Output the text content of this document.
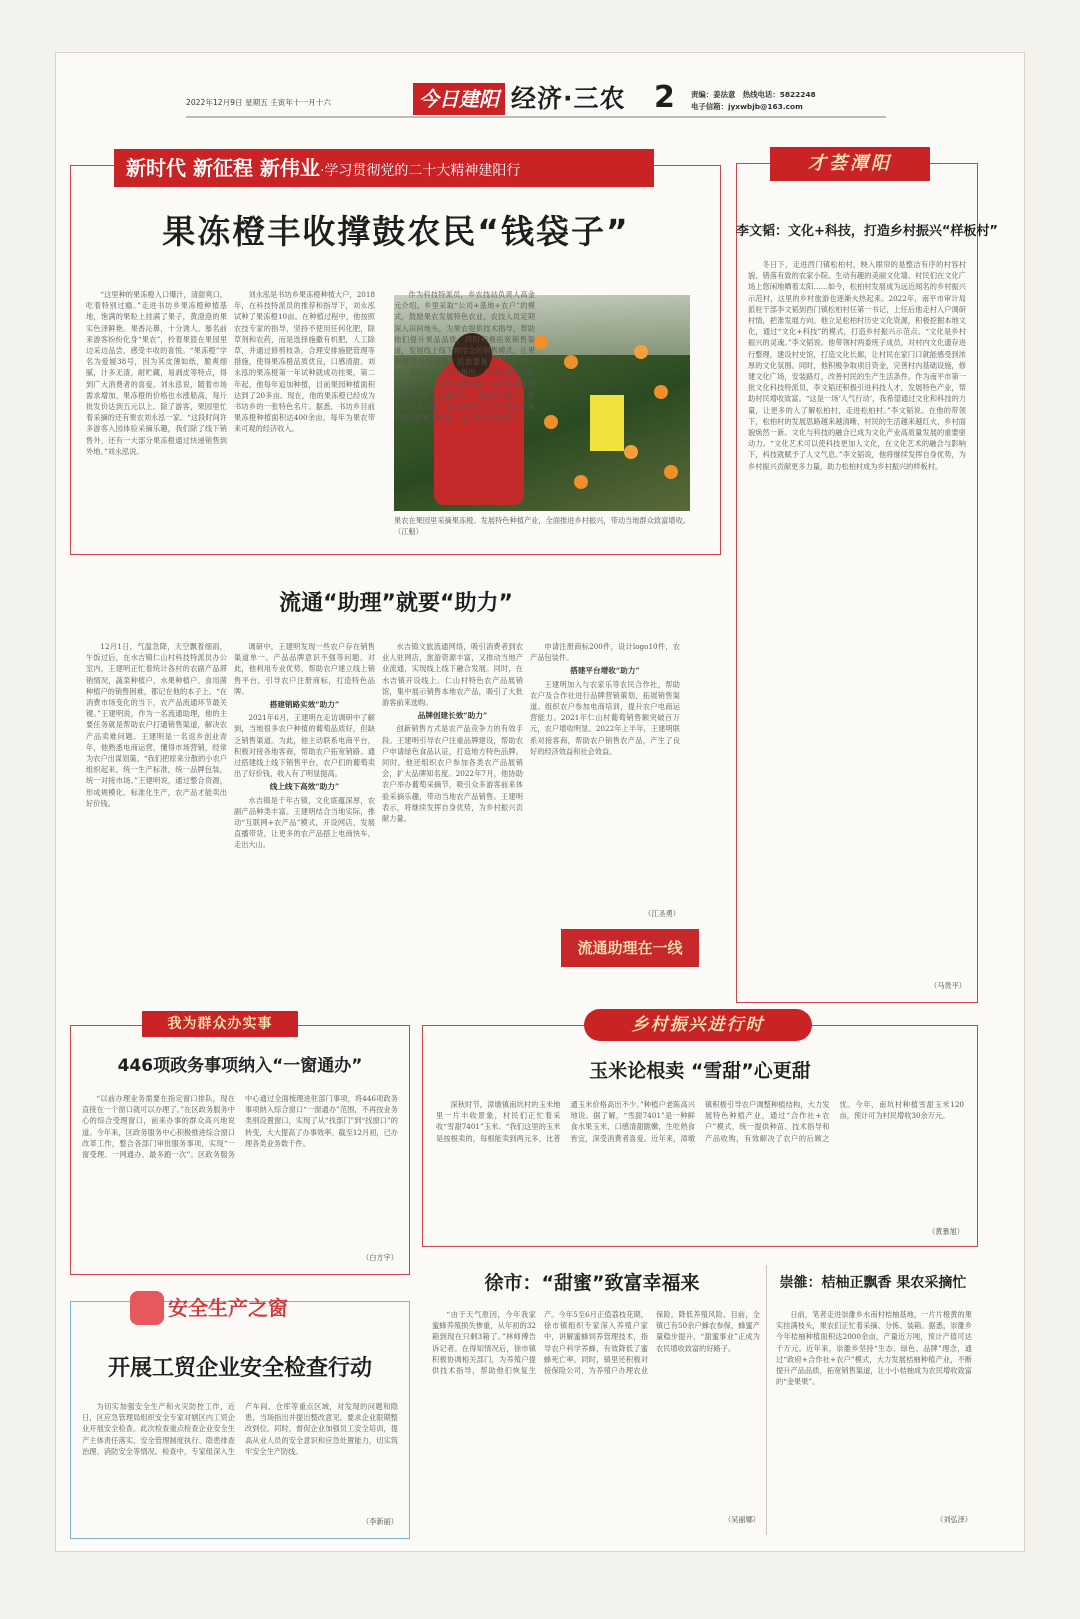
2022年12月9日 星期五 壬寅年十一月十六	今日建阳 经济·三农 2 责编：姜法意　热线电话：5822248
电子信箱：jyxwbjb@163.com
新时代 新征程 新伟业·学习贯彻党的二十大精神建阳行
果冻橙丰收撑鼓农民“钱袋子”

“这里种的果冻橙入口爆汁，清甜爽口，吃着特别过瘾。”走进书坊乡果冻橙种植基地，饱满的果粒上挂满了果子，黄澄澄的果实色泽鲜艳。果香沁鼻，十分诱人。慕名前来游客纷纷化身“果农”，拎着果篮在果园里边采边品尝，感受丰收的喜悦。“果冻橙”学名为爱媛38号，因为其皮薄如纸，脆爽细腻，汁多无渣，耐贮藏，易剥皮等特点，得到广大消费者的喜爱。刘永泓说，随着市场需求增加，果冻橙的价格也水涨船高，每斤批发价达到五元以上。除了游客，果园里忙着采摘的还有果农刘永泓一家。“这段时间许多游客入园体验采摘乐趣，我们除了线下销售外，还有一大部分果冻橙通过快递销售到外地。”刘永泓说。

刘永泓是书坊乡果冻橙种植大户，2018年，在科技特派员的推荐和指导下，刘永泓试种了果冻橙10亩。在种植过程中，他按照农技专家的指导，坚持不使用任何化肥，除草剂和农药，而是选择施撒有机肥，人工除草，并通过修剪枝条，合理安排施肥管理等措施，使得果冻橙品质优良，口感清甜。刘永泓的果冻橙第一年试种就成功挂果，第二年起，他每年追加种植，目前果园种植面积达到了20多亩。现在，他的果冻橙已经成为书坊乡的一张特色名片。据悉，书坊乡目前果冻橙种植面积达400余亩，每年为果农带来可观的经济收入。

果农在果园里采摘果冻橙。发展特色种植产业，全面推进乡村振兴，带动当地群众致富增收。（江魁）

作为科技特派员，乡农技站负责人高金元介绍，乡里采取“公司+基地+农户”的模式，鼓励果农发展特色农业，农技人员定期深入田间地头，为果农提供技术指导，帮助他们提升果品品质，同时积极拓宽销售渠道，发展线上线下相结合的销售模式，让果冻橙卖出好价钱。民族要复兴，乡村必振兴。党的二十大报告指出，全面推进乡村振兴，坚持农业农村优先发展。书坊乡将持续发展壮大特色农业产业，推动乡村振兴，做大做强果冻橙产业，把特色产业打造成为富民增收的重要产业，助力乡村产业振兴。

流通“助理”就要“助力”

12月1日，气温急降，天空飘着细雨，午饭过后，在水吉镇仁山村科技特派员办公室内，王建明正忙着统计各村的农副产品滞销情况，蔬菜种植户、水果种植户、食用菌种植户的销售困难，都记在他的本子上。“在消费市场变化的当下，农产品流通环节最关键。”王建明说，作为一名流通助理，他的主要任务就是帮助农户打通销售渠道，解决农产品卖难问题。王建明是一名返乡创业青年，他熟悉电商运营，懂得市场营销，经常为农户出谋划策。“我们把原来分散的小农户组织起来，统一生产标准，统一品牌包装，统一对接市场。”王建明说，通过整合资源，形成规模化、标准化生产，农产品才能卖出好价钱。

调研中，王建明发现一些农户存在销售渠道单一、产品品牌意识不强等问题。对此，他利用专业优势，帮助农户建立线上销售平台，引导农户注册商标，打造特色品牌。

搭建销路实效“助力”

2021年6月，王建明在走访调研中了解到，当地很多农户种植的葡萄品质好，但缺乏销售渠道。为此，他主动联系电商平台，积极对接各地客商，帮助农户拓宽销路。通过搭建线上线下销售平台，农户们的葡萄卖出了好价钱，收入有了明显提高。

线上线下高效“助力”

水吉镇是千年古镇，文化底蕴深厚，农副产品种类丰富。王建明结合当地实际，推动“互联网+农产品”模式，开设网店，发展直播带货，让更多的农产品搭上电商快车，走出大山。

水吉镇文旅流通网络，吸引消费者到农业人驻网店，旅游资源丰富，又推动当地产业流通，实现线上线下融合发展。同时，在水吉镇开设线上、仁山村特色农产品展销馆，集中展示销售本地农产品，吸引了大批游客前来选购。

品牌创建长效“助力”

创新销售方式是农产品竞争力的有效手段。王建明引导农户注重品牌建设，帮助农户申请绿色食品认证，打造地方特色品牌。同时，他还组织农户参加各类农产品展销会，扩大品牌知名度。2022年7月，他协助农户举办葡萄采摘节，吸引众多游客前来体验采摘乐趣，带动当地农产品销售。王建明表示，将继续发挥自身优势，为乡村振兴贡献力量。

申请注册商标200件，设计logo10件，农产品包装件。

搭建平台增收“助力”

王建明加入与农家乐等农民合作社，帮助农户及合作社进行品牌营销策划，拓展销售渠道。组织农户参加电商培训，提升农户电商运营能力。2021年仁山村葡萄销售额突破百万元，农户增收明显。2022年上半年，王建明联系对接客商，帮助农户销售农产品，产生了良好的经济效益和社会效益。

（江圣勇）
流通助理在一线
才荟潭阳
李文韬：文化+科技，打造乡村振兴“样板村”

冬日下，走进西门镇松柏村，映入眼帘的是整洁有序的村容村貌、错落有致的农家小院。生动有趣的美丽文化墙、村民们在文化广场上悠闲地晒着太阳……如今，松柏村发展成为远近闻名的乡村振兴示范村，这里的乡村旅游也逐渐火热起来。2022年，南平市审计局派驻干部李文韬到西门镇松柏村任第一书记，上任后他走村入户调研村情，把准发展方向。他立足松柏村历史文化资源，积极挖掘本地文化，通过“文化+科技”的模式，打造乡村振兴示范点。“文化是乡村振兴的灵魂。”李文韬说。他带领村两委班子成员，对村内文化遗存进行整理，建设村史馆，打造文化长廊，让村民在家门口就能感受到浓厚的文化氛围。同时，他积极争取项目资金，完善村内基础设施，修建文化广场，安装路灯，改善村民的生产生活条件。作为南平市第一批文化科技特派员，李文韬还积极引进科技人才，发展特色产业，帮助村民增收致富。“这是一场‘人气行动’，我希望通过文化和科技的力量，让更多的人了解松柏村，走进松柏村。”李文韬说。在他的带领下，松柏村的发展思路越来越清晰，村民的生活越来越红火，乡村面貌焕然一新。文化与科技的融合已成为文化产业高质量发展的重要驱动力。“文化艺术可以使科技更加人文化，在文化艺术的融合与影响下，科技就赋予了人文气息。”李文韬说，他将继续发挥自身优势，为乡村振兴贡献更多力量，助力松柏村成为乡村振兴的样板村。

（马贵平）
我为群众办实事
446项政务事项纳入“一窗通办”

“以前办理业务需要在指定窗口排队，现在直接在一个窗口就可以办理了。”在区政务服务中心的综合受理窗口，前来办事的群众高兴地说道。今年来，区政务服务中心积极推进综合窗口改革工作，整合各部门审批服务事项，实现“一窗受理、一网通办、最多跑一次”。区政务服务中心通过全面梳理进驻部门事项，将446项政务事项纳入综合窗口“一窗通办”范围，不再按业务类别设置窗口，实现了从“找部门”到“找窗口”的转变，大大提高了办事效率。截至12月初，已办理各类业务数千件。

（白方宇）
乡村振兴进行时
玉米论根卖 “雪甜”心更甜

深秋时节，漳墩镇南坑村的玉米地里一片丰收景象，村民们正忙着采收“雪甜7401”玉米。“我们这里的玉米是按根卖的，每根能卖到两元多，比普通玉米价格高出不少。”种植户老陈高兴地说。据了解，“雪甜7401”是一种鲜食水果玉米，口感清甜脆嫩，生吃熟食皆宜，深受消费者喜爱。近年来，漳墩镇积极引导农户调整种植结构，大力发展特色种植产业，通过“合作社+农户”模式，统一提供种苗、技术指导和产品收购，有效解决了农户的后顾之忧。今年，南坑村种植雪甜玉米120亩，预计可为村民增收30余万元。

（黄慕旭）
安全生产之窗
开展工贸企业安全检查行动

为切实加强安全生产和火灾防控工作，近日，区应急管理局组织安全专家对辖区内工贸企业开展安全检查。此次检查重点检查企业安全生产主体责任落实、安全管理制度执行、隐患排查治理、消防安全等情况。检查中，专家组深入生产车间、仓库等重点区域，对发现的问题和隐患，当场指出并提出整改意见，要求企业限期整改到位。同时，督促企业加强员工安全培训，提高从业人员的安全意识和应急处置能力，切实筑牢安全生产防线。

（李新丽）
徐市：“甜蜜”致富幸福来

“由于天气原因，今年我家蜜蜂养殖损失惨重，从年初的32箱到现在只剩3箱了。”林师傅告诉记者。在得知情况后，徐市镇积极协调相关部门，为养殖户提供技术指导，帮助他们恢复生产。今年5至6月正值荔枝花期，徐市镇组织专家深入养殖户家中，讲解蜜蜂饲养管理技术，指导农户科学养蜂，有效降低了蜜蜂死亡率。同时，镇里还积极对接保险公司，为养殖户办理农业保险，降低养殖风险。目前，全镇已有50余户蜂农参保，蜂蜜产量稳步提升，“甜蜜事业”正成为农民增收致富的好路子。

（吴丽娜）
崇雒：桔柚正飘香 果农采摘忙

日前，笔者走进崇雒乡水南村桔柚基地，一片片橙黄的果实挂满枝头，果农们正忙着采摘、分拣、装箱。据悉，崇雒乡今年桔柚种植面积达2000余亩，产量近万吨，预计产值可达千万元。近年来，崇雒乡坚持“生态、绿色、品牌”理念，通过“政府+合作社+农户”模式，大力发展桔柚种植产业，不断提升产品品质，拓宽销售渠道，让小小桔柚成为农民增收致富的“金果果”。

（刘弘泽）
